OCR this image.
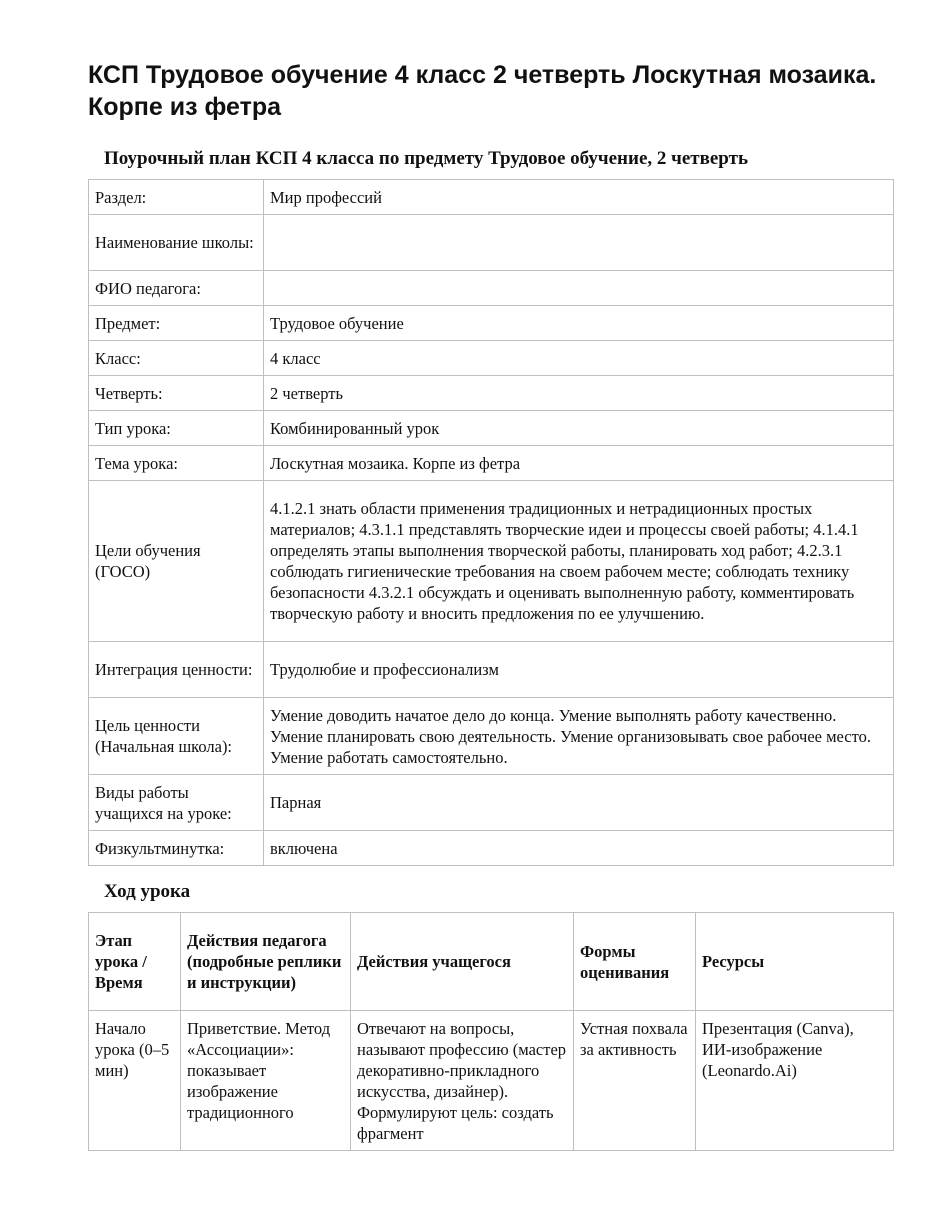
КСП Трудовое обучение 4 класс 2 четверть Лоскутная мозаика. Корпе из фетра
Поурочный план КСП 4 класса по предмету Трудовое обучение, 2 четверть
Раздел:	Мир профессий
Наименование школы:	
ФИО педагога:	
Предмет:	Трудовое обучение
Класс:	4 класс
Четверть:	2 четверть
Тип урока:	Комбинированный урок
Тема урока:	Лоскутная мозаика. Корпе из фетра
Цели обучения (ГОСО)	4.1.2.1 знать области применения традиционных и нетрадиционных простых материалов; 4.3.1.1 представлять творческие идеи и процессы своей работы; 4.1.4.1 определять этапы выполнения творческой работы, планировать ход работ; 4.2.3.1 соблюдать гигиенические требования на своем рабочем месте; соблюдать технику безопасности 4.3.2.1 обсуждать и оценивать выполненную работу, комментировать творческую работу и вносить предложения по ее улучшению.
Интеграция ценности:	Трудолюбие и профессионализм
Цель ценности (Начальная школа):	Умение доводить начатое дело до конца. Умение выполнять работу качественно. Умение планировать свою деятельность. Умение организовывать свое рабочее место. Умение работать самостоятельно.
Виды работы учащихся на уроке:	Парная
Физкультминутка:	включена
Ход урока
Этап урока / Время	Действия педагога (подробные реплики и инструкции)	Действия учащегося	Формы оценивания	Ресурсы
Начало урока (0–5 мин)	Приветствие. Метод «Ассоциации»: показывает изображение традиционного	Отвечают на вопросы, называют профессию (мастер декоративно-прикладного искусства, дизайнер). Формулируют цель: создать фрагмент	Устная похвала за активность	Презентация (Canva), ИИ-изображение (Leonardo.Ai)
